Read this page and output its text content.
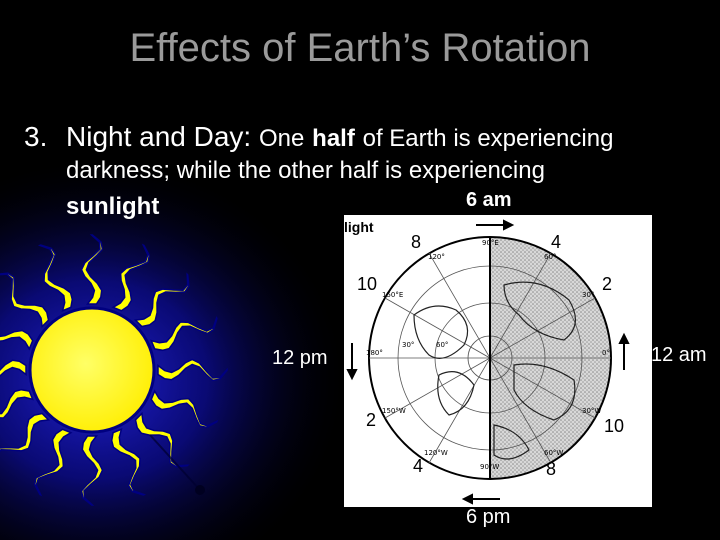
Effects of Earth’s Rotation
3. Night and Day: One half of Earth is experiencing
darkness; while the other half is experiencing
sunlight
90°E
120°	60°
150°E	30°
180°	0°
30°	60°
150°W	30°W
120°W	60°W
90°W
light
8	4
4	8
6 am
6 pm
12 pm	12 am
10	2
2	10
